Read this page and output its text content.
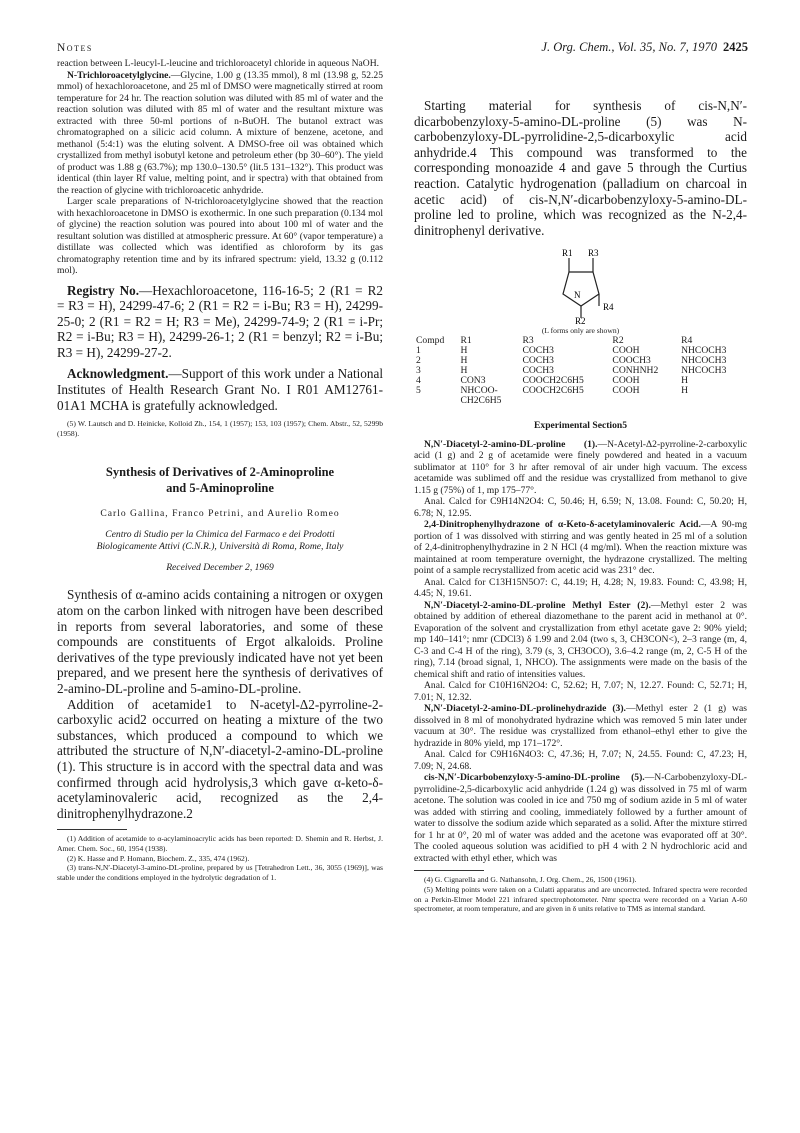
Notes	J. Org. Chem., Vol. 35, No. 7, 1970 2425

reaction between L-leucyl-L-leucine and trichloroacetyl chloride in aqueous NaOH.

N-Trichloroacetylglycine.—Glycine, 1.00 g (13.35 mmol), 8 ml (13.98 g, 52.25 mmol) of hexachloroacetone, and 25 ml of DMSO were magnetically stirred at room temperature for 24 hr. The reaction solution was diluted with 85 ml of water and the reaction solution was diluted with 85 ml of water and the resultant mixture was extracted with three 50-ml portions of n-BuOH. The butanol extract was chromatographed on a silicic acid column. A mixture of benzene, acetone, and methanol (5:4:1) was the eluting solvent. A DMSO-free oil was obtained which crystallized from methyl isobutyl ketone and petroleum ether (bp 30–60°). The yield of product was 1.88 g (63.7%); mp 130.0–130.5° (lit.5 131–132°). This product was identical (thin layer Rf value, melting point, and ir spectra) with that obtained from the reaction of glycine with trichloroacetic anhydride.

Larger scale preparations of N-trichloroacetylglycine showed that the reaction with hexachloroacetone in DMSO is exothermic. In one such preparation (0.134 mol of glycine) the reaction solution was poured into about 100 ml of water and the resultant solution was distilled at atmospheric pressure. At 60° (vapor temperature) a distillate was collected which was identified as chloroform by its gas chromatography retention time and by its infrared spectrum: yield, 13.32 g (0.112 mol).

Registry No.—Hexachloroacetone, 116-16-5; 2 (R1 = R2 = R3 = H), 24299-47-6; 2 (R1 = R2 = i-Bu; R3 = H), 24299-25-0; 2 (R1 = R2 = H; R3 = Me), 24299-74-9; 2 (R1 = i-Pr; R2 = i-Bu; R3 = H), 24299-26-1; 2 (R1 = benzyl; R2 = i-Bu; R3 = H), 24299-27-2.

Acknowledgment.—Support of this work under a National Institutes of Health Research Grant No. I R01 AM12761-01A1 MCHA is gratefully acknowledged.

(5) W. Lautsch and D. Heinicke, Kolloid Zh., 154, 1 (1957); 153, 103 (1957); Chem. Abstr., 52, 5299b (1958).

Synthesis of Derivatives of 2-Aminoproline

and 5-Aminoproline

Carlo Gallina, Franco Petrini, and Aurelio Romeo

Centro di Studio per la Chimica del Farmaco e dei Prodotti

Biologicamente Attivi (C.N.R.), Università di Roma, Rome, Italy

Received December 2, 1969

Synthesis of α-amino acids containing a nitrogen or oxygen atom on the carbon linked with nitrogen have been described in reports from several laboratories, and some of these compounds are constituents of Ergot alkaloids. Proline derivatives of the type previously indicated have not yet been prepared, and we present here the synthesis of derivatives of 2-amino-DL-proline and 5-amino-DL-proline.

Addition of acetamide1 to N-acetyl-Δ2-pyrroline-2-carboxylic acid2 occurred on heating a mixture of the two substances, which produced a compound to which we attributed the structure of N,N′-diacetyl-2-amino-DL-proline (1). This structure is in accord with the spectral data and was confirmed through acid hydrolysis,3 which gave α-keto-δ-acetylaminovaleric acid, recognized as the 2,4-dinitrophenylhydrazone.2

(1) Addition of acetamide to α-acylaminoacrylic acids has been reported: D. Shemin and R. Herbst, J. Amer. Chem. Soc., 60, 1954 (1938).

(2) K. Hasse and P. Homann, Biochem. Z., 335, 474 (1962).

(3) trans-N,N′-Diacetyl-3-amino-DL-proline, prepared by us [Tetrahedron Lett., 36, 3055 (1969)], was stable under the conditions employed in the hydrolytic degradation of 1.

Starting material for synthesis of cis-N,N′-dicarbobenzyloxy-5-amino-DL-proline (5) was N-carbobenzyloxy-DL-pyrrolidine-2,5-dicarboxylic acid anhydride.4 This compound was transformed to the corresponding monoazide 4 and gave 5 through the Curtius reaction. Catalytic hydrogenation (palladium on charcoal in acetic acid) of cis-N,N′-dicarbobenzyloxy-5-amino-DL-proline led to proline, which was recognized as the N-2,4-dinitrophenyl derivative.

R1 R3
N
R4
R2

(L forms only are shown)

Compd	R1	R3	R2	R4
1	H	COCH3	COOH	NHCOCH3
2	H	COCH3	COOCH3	NHCOCH3
3	H	COCH3	CONHNH2	NHCOCH3
4	CON3	COOCH2C6H5	COOH	H
5	NHCOO-	COOCH2C6H5	COOH	H
	CH2C6H5			

Experimental Section5

N,N′-Diacetyl-2-amino-DL-proline (1).—N-Acetyl-Δ2-pyrroline-2-carboxylic acid (1 g) and 2 g of acetamide were finely powdered and heated in a vacuum sublimator at 110° for 3 hr after removal of air under high vacuum. The excess acetamide was sublimed off and the residue was crystallized from methanol to give 1.15 g (75%) of 1, mp 175–77°.

Anal. Calcd for C9H14N2O4: C, 50.46; H, 6.59; N, 13.08. Found: C, 50.20; H, 6.78; N, 12.95.

2,4-Dinitrophenylhydrazone of α-Keto-δ-acetylaminovaleric Acid.—A 90-mg portion of 1 was dissolved with stirring and was gently heated in 25 ml of a solution of 2,4-dinitrophenylhydrazine in 2 N HCl (4 mg/ml). When the reaction mixture was maintained at room temperature overnight, the hydrazone crystallized. The melting point of a sample recrystallized from acetic acid was 231° dec.

Anal. Calcd for C13H15N5O7: C, 44.19; H, 4.28; N, 19.83. Found: C, 43.98; H, 4.45; N, 19.61.

N,N′-Diacetyl-2-amino-DL-proline Methyl Ester (2).—Methyl ester 2 was obtained by addition of ethereal diazomethane to the parent acid in methanol at 0°. Evaporation of the solvent and crystallization from ethyl acetate gave 2: 90% yield; mp 140–141°; nmr (CDCl3) δ 1.99 and 2.04 (two s, 3, CH3CON<), 2–3 range (m, 4, C-3 and C-4 H of the ring), 3.79 (s, 3, CH3OCO), 3.6–4.2 range (m, 2, C-5 H of the ring), 7.14 (broad signal, 1, NHCO). The assignments were made on the basis of the chemical shift and ratio of intensities values.

Anal. Calcd for C10H16N2O4: C, 52.62; H, 7.07; N, 12.27. Found: C, 52.71; H, 7.01; N, 12.32.

N,N′-Diacetyl-2-amino-DL-prolinehydrazide (3).—Methyl ester 2 (1 g) was dissolved in 8 ml of monohydrated hydrazine which was removed 5 min later under vacuum at 30°. The residue was crystallized from ethanol–ethyl ether to give the hydrazide in 80% yield, mp 171–172°.

Anal. Calcd for C9H16N4O3: C, 47.36; H, 7.07; N, 24.55. Found: C, 47.23; H, 7.09; N, 24.68.

cis-N,N′-Dicarbobenzyloxy-5-amino-DL-proline (5).—N-Carbobenzyloxy-DL-pyrrolidine-2,5-dicarboxylic acid anhydride (1.24 g) was dissolved in 75 ml of warm acetone. The solution was cooled in ice and 750 mg of sodium azide in 5 ml of water was added with stirring and cooling, immediately followed by a further amount of water to dissolve the sodium azide which separated as a solid. After the mixture stirred for 1 hr at 0°, 20 ml of water was added and the acetone was evaporated off at 30°. The cooled aqueous solution was acidified to pH 4 with 2 N hydrochloric acid and extracted with ethyl ether, which was

(4) G. Cignarella and G. Nathansohn, J. Org. Chem., 26, 1500 (1961).

(5) Melting points were taken on a Culatti apparatus and are uncorrected. Infrared spectra were recorded on a Perkin-Elmer Model 221 infrared spectrophotometer. Nmr spectra were recorded on a Varian A-60 spectrometer, at room temperature, and are given in δ units relative to TMS as internal standard.
